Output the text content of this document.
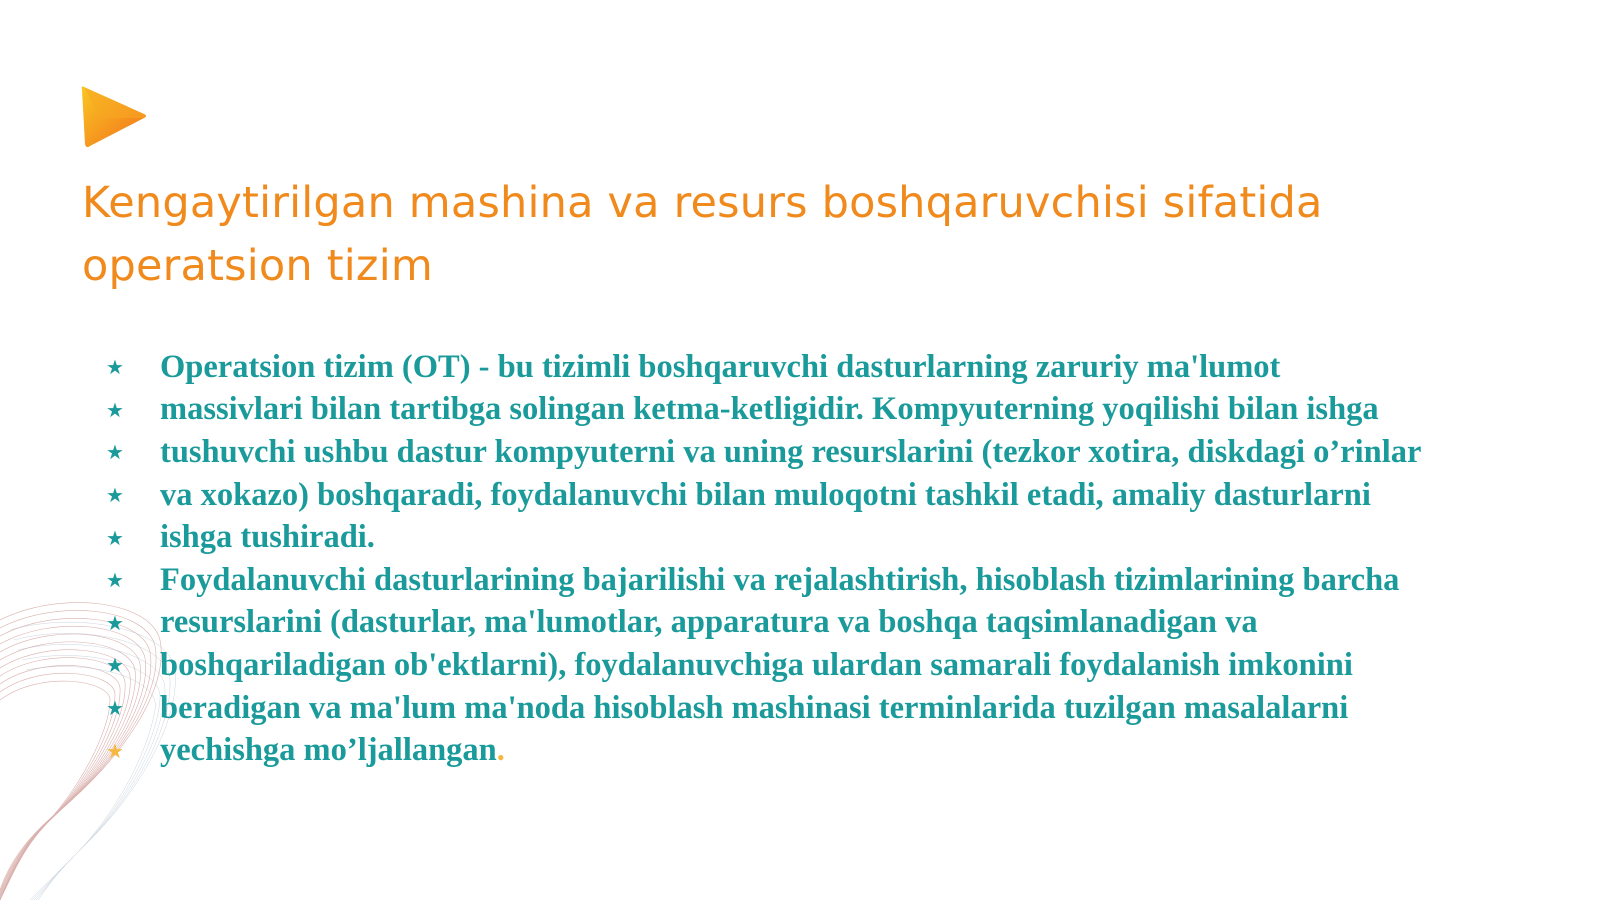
Kengaytirilgan mashina va resurs boshqaruvchisi sifatida operatsion tizim
★	Operatsion tizim (OT) - bu tizimli boshqaruvchi dasturlarning zaruriy ma'lumot
★	massivlari bilan tartibga solingan ketma-ketligidir. Kompyuterning yoqilishi bilan ishga
★	tushuvchi ushbu dastur kompyuterni va uning resurslarini (tezkor xotira, diskdagi o’rinlar
★	va xokazo) boshqaradi, foydalanuvchi bilan muloqotni tashkil etadi, amaliy dasturlarni
★	ishga tushiradi.
★	Foydalanuvchi dasturlarining bajarilishi va rejalashtirish, hisoblash tizimlarining barcha
★	resurslarini (dasturlar, ma'lumotlar, apparatura va boshqa taqsimlanadigan va
★	boshqariladigan ob'ektlarni), foydalanuvchiga ulardan samarali foydalanish imkonini
★	beradigan va ma'lum ma'noda hisoblash mashinasi terminlarida tuzilgan masalalarni
★	yechishga mo’ljallangan.
